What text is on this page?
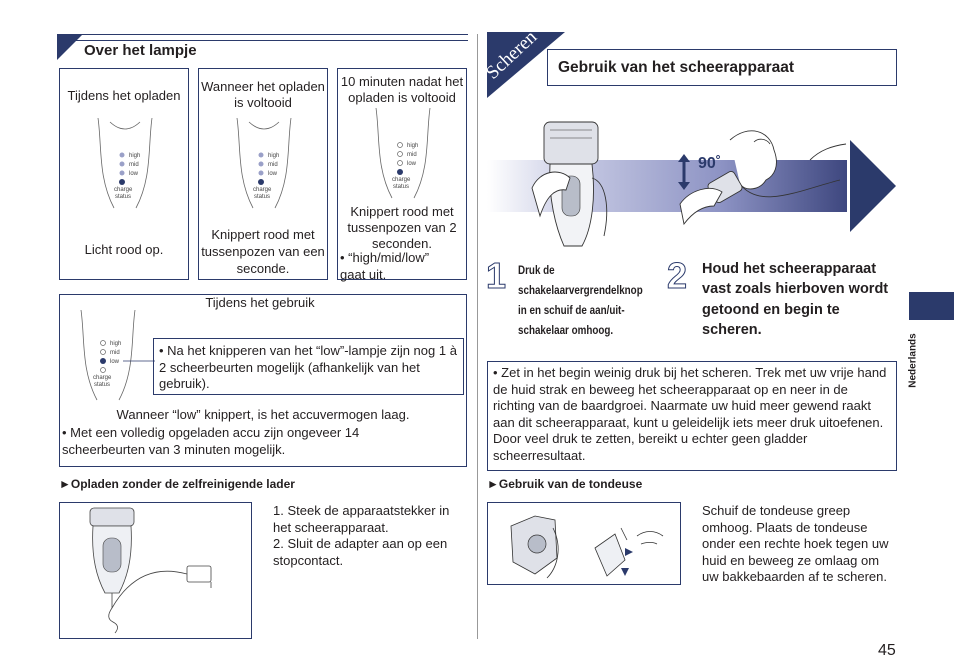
Over het lampje
Tijdens het opladen
Licht rood op.
Wanneer het opladen is voltooid
Knippert rood met tussenpozen van een seconde.
10 minuten nadat het opladen is voltooid
Knippert rood met tussenpozen van 2 seconden.
• “high/mid/low” gaat uit.
high
mid
low
charge
status
high
mid
low
charge
status
high
mid
low
charge
status
Tijdens het gebruik
high
mid
low
charge
status
• Na het knipperen van het “low”-lampje zijn nog 1 à 2 scheerbeurten mogelijk (afhankelijk van het gebruik).
Wanneer “low” knippert, is het accuvermogen laag.
• Met een volledig opgeladen accu zijn ongeveer 14 scheerbeurten van 3 minuten mogelijk.
►Opladen zonder de zelfreinigende lader
1. Steek de apparaatstekker in het scheerapparaat.
2. Sluit de adapter aan op een stopcontact.
Scheren Gebruik van het scheerapparaat
90˚
1 Druk de schakelaarvergrendelknop in en schuif de aan/uit-schakelaar omhoog.
2 Houd het scheerapparaat vast zoals hierboven wordt getoond en begin te scheren.
• Zet in het begin weinig druk bij het scheren. Trek met uw vrije hand de huid strak en beweeg het scheerapparaat op en neer in de richting van de baardgroei. Naarmate uw huid meer gewend raakt aan dit scheerapparaat, kunt u geleidelijk iets meer druk uitoefenen. Door veel druk te zetten, bereikt u echter geen gladder scheerresultaat.
►Gebruik van de tondeuse
Schuif de tondeuse greep omhoog. Plaats de tondeuse onder een rechte hoek tegen uw huid en beweeg ze omlaag om uw bakkebaarden af te scheren.
Nederlands
45
